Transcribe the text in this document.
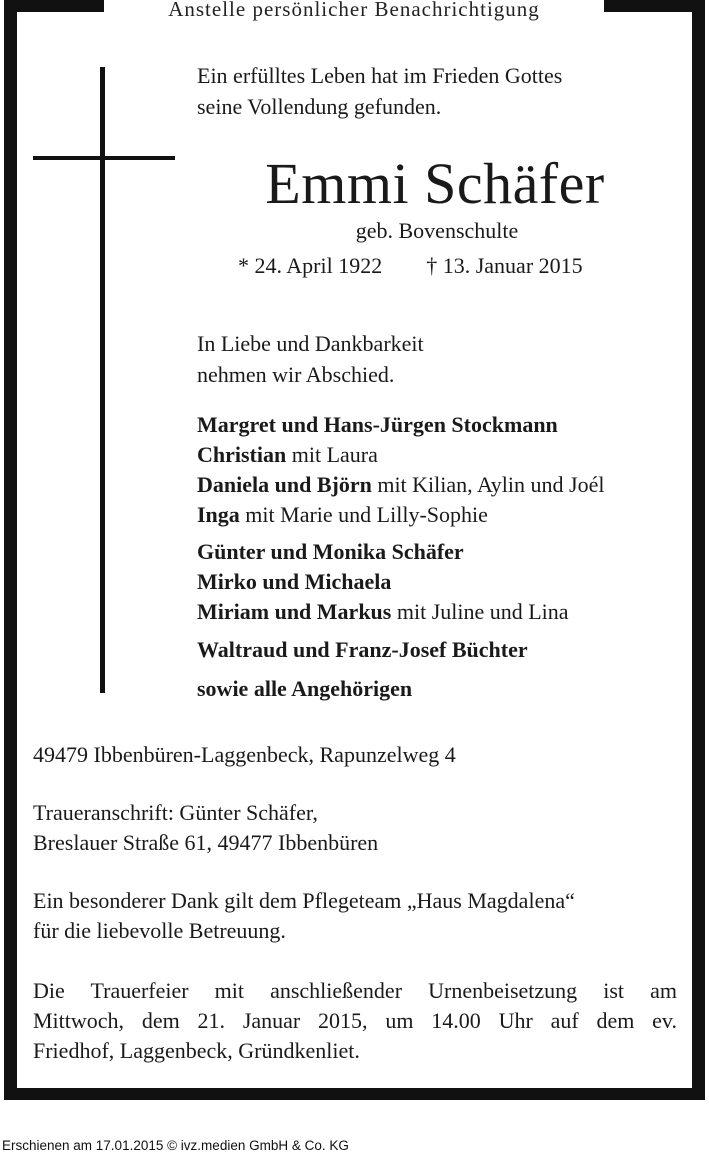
Anstelle persönlicher Benachrichtigung
Ein erfülltes Leben hat im Frieden Gottes
seine Vollendung gefunden.
Emmi Schäfer
geb. Bovenschulte
* 24. April 1922 † 13. Januar 2015
In Liebe und Dankbarkeit
nehmen wir Abschied.
Margret und Hans-Jürgen Stockmann
Christian mit Laura
Daniela und Björn mit Kilian, Aylin und Joél
Inga mit Marie und Lilly-Sophie
Günter und Monika Schäfer
Mirko und Michaela
Miriam und Markus mit Juline und Lina
Waltraud und Franz-Josef Büchter
sowie alle Angehörigen
49479 Ibbenbüren-Laggenbeck, Rapunzelweg 4
Traueranschrift: Günter Schäfer,
Breslauer Straße 61, 49477 Ibbenbüren
Ein besonderer Dank gilt dem Pflegeteam „Haus Magdalena“
für die liebevolle Betreuung.
Die Trauerfeier mit anschließender Urnenbeisetzung ist am
Mittwoch, dem 21. Januar 2015, um 14.00 Uhr auf dem ev.
Friedhof, Laggenbeck, Gründkenliet.
Erschienen am 17.01.2015 © ivz.medien GmbH & Co. KG
